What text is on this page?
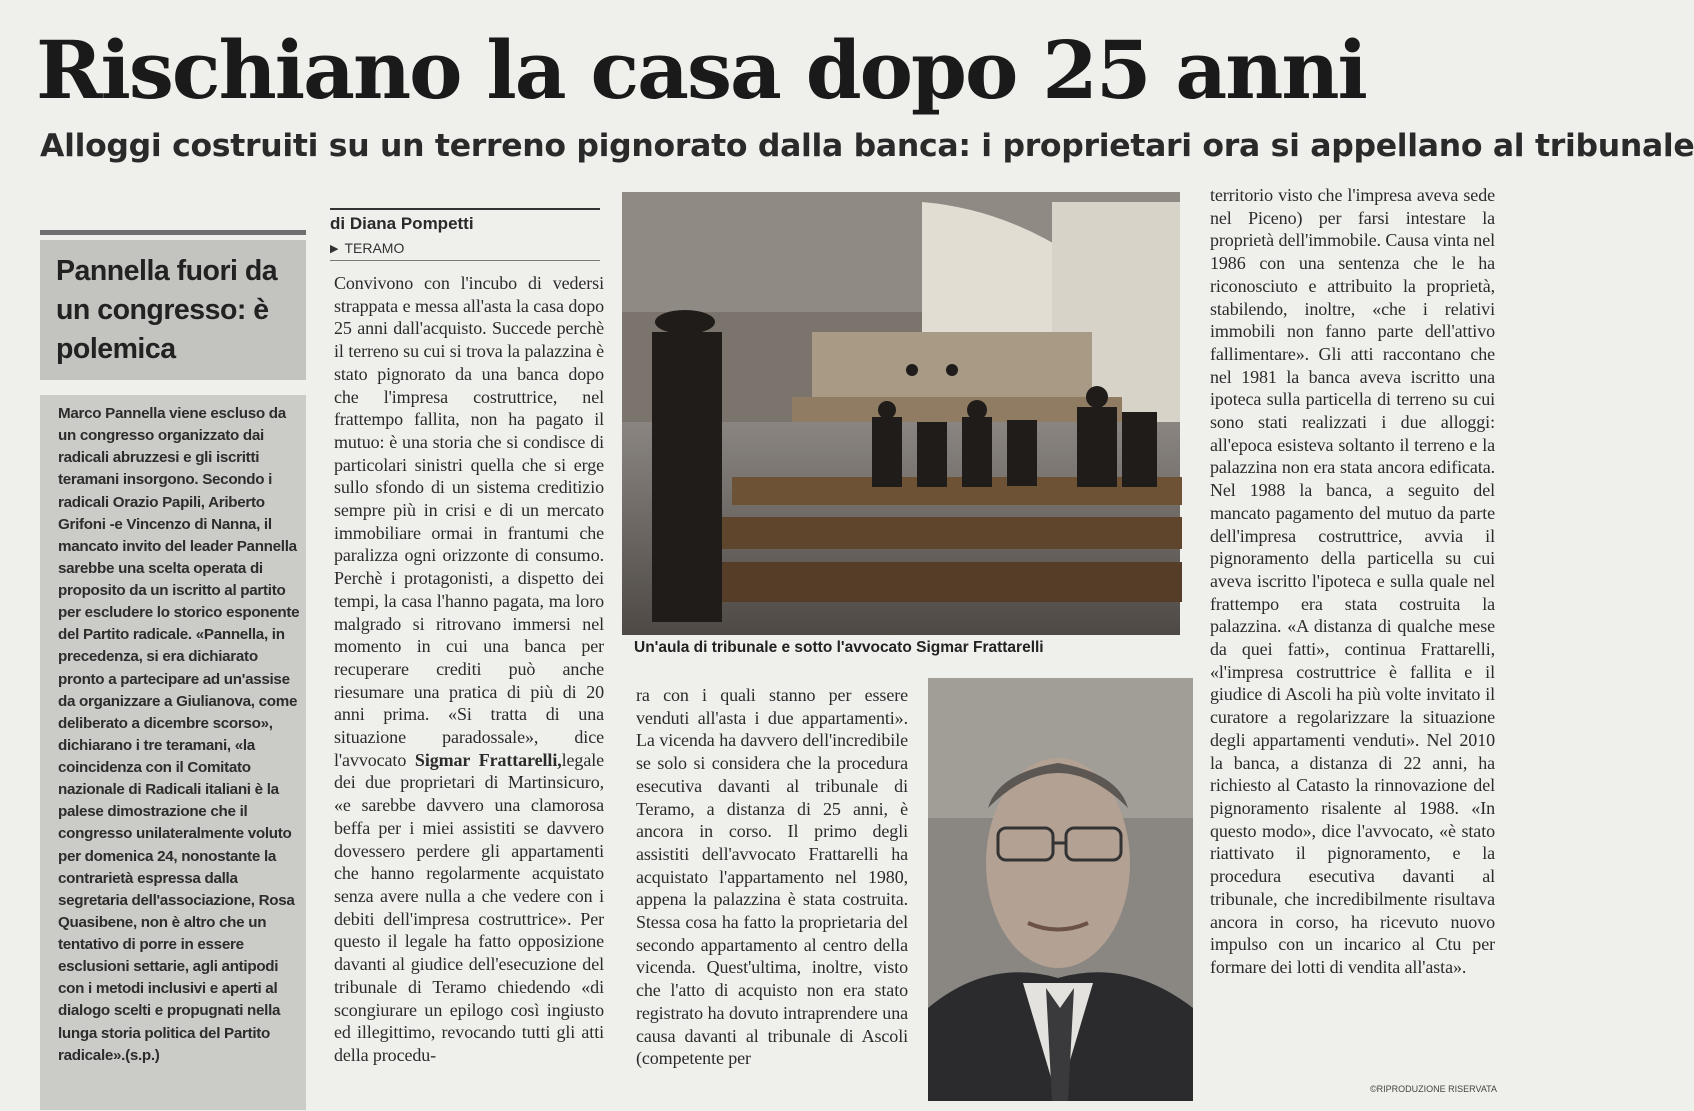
Rischiano la casa dopo 25 anni
Alloggi costruiti su un terreno pignorato dalla banca: i proprietari ora si appellano al tribunale
Pannella fuori da un congresso: è polemica

Marco Pannella viene escluso da un congresso organizzato dai radicali abruzzesi e gli iscritti teramani insorgono. Secondo i radicali Orazio Papili, Ariberto Grifoni -e Vincenzo di Nanna, il mancato invito del leader Pannella sarebbe una scelta operata di proposito da un iscritto al partito per escludere lo storico esponente del Partito radicale. «Pannella, in precedenza, si era dichiarato pronto a partecipare ad un'assise da organizzare a Giulianova, come deliberato a dicembre scorso», dichiarano i tre teramani, «la coincidenza con il Comitato nazionale di Radicali italiani è la palese dimostrazione che il congresso unilateralmente voluto per domenica 24, nonostante la contrarietà espressa dalla segretaria dell'associazione, Rosa Quasibene, non è altro che un tentativo di porre in essere esclusioni settarie, agli antipodi con i metodi inclusivi e aperti al dialogo scelti e propugnati nella lunga storia politica del Partito radicale».(s.p.)

di Diana Pompetti

▶ TERAMO

Convivono con l'incubo di vedersi strappata e messa all'asta la casa dopo 25 anni dall'acquisto. Succede perchè il terreno su cui si trova la palazzina è stato pignorato da una banca dopo che l'impresa costruttrice, nel frattempo fallita, non ha pagato il mutuo: è una storia che si condisce di particolari sinistri quella che si erge sullo sfondo di un sistema creditizio sempre più in crisi e di un mercato immobiliare ormai in frantumi che paralizza ogni orizzonte di consumo. Perchè i protagonisti, a dispetto dei tempi, la casa l'hanno pagata, ma loro malgrado si ritrovano immersi nel momento in cui una banca per recuperare crediti può anche riesumare una pratica di più di 20 anni prima. «Si tratta di una situazione paradossale», dice l'avvocato Sigmar Frattarelli,legale dei due proprietari di Martinsicuro, «e sarebbe davvero una clamorosa beffa per i miei assistiti se davvero dovessero perdere gli appartamenti che hanno regolarmente acquistato senza avere nulla a che vedere con i debiti dell'impresa costruttrice». Per questo il legale ha fatto opposizione davanti al giudice dell'esecuzione del tribunale di Teramo chiedendo «di scongiurare un epilogo così ingiusto ed illegittimo, revocando tutti gli atti della procedu-

Un'aula di tribunale e sotto l'avvocato Sigmar Frattarelli

ra con i quali stanno per essere venduti all'asta i due appartamenti». La vicenda ha davvero dell'incredibile se solo si considera che la procedura esecutiva davanti al tribunale di Teramo, a distanza di 25 anni, è ancora in corso. Il primo degli assistiti dell'avvocato Frattarelli ha acquistato l'appartamento nel 1980, appena la palazzina è stata costruita. Stessa cosa ha fatto la proprietaria del secondo appartamento al centro della vicenda. Quest'ultima, inoltre, visto che l'atto di acquisto non era stato registrato ha dovuto intraprendere una causa davanti al tribunale di Ascoli (competente per

territorio visto che l'impresa aveva sede nel Piceno) per farsi intestare la proprietà dell'immobile. Causa vinta nel 1986 con una sentenza che le ha riconosciuto e attribuito la proprietà, stabilendo, inoltre, «che i relativi immobili non fanno parte dell'attivo fallimentare». Gli atti raccontano che nel 1981 la banca aveva iscritto una ipoteca sulla particella di terreno su cui sono stati realizzati i due alloggi: all'epoca esisteva soltanto il terreno e la palazzina non era stata ancora edificata. Nel 1988 la banca, a seguito del mancato pagamento del mutuo da parte dell'impresa costruttrice, avvia il pignoramento della particella su cui aveva iscritto l'ipoteca e sulla quale nel frattempo era stata costruita la palazzina. «A distanza di qualche mese da quei fatti», continua Frattarelli, «l'impresa costruttrice è fallita e il giudice di Ascoli ha più volte invitato il curatore a regolarizzare la situazione degli appartamenti venduti». Nel 2010 la banca, a distanza di 22 anni, ha richiesto al Catasto la rinnovazione del pignoramento risalente al 1988. «In questo modo», dice l'avvocato, «è stato riattivato il pignoramento, e la procedura esecutiva davanti al tribunale, che incredibilmente risultava ancora in corso, ha ricevuto nuovo impulso con un incarico al Ctu per formare dei lotti di vendita all'asta».

©RIPRODUZIONE RISERVATA
